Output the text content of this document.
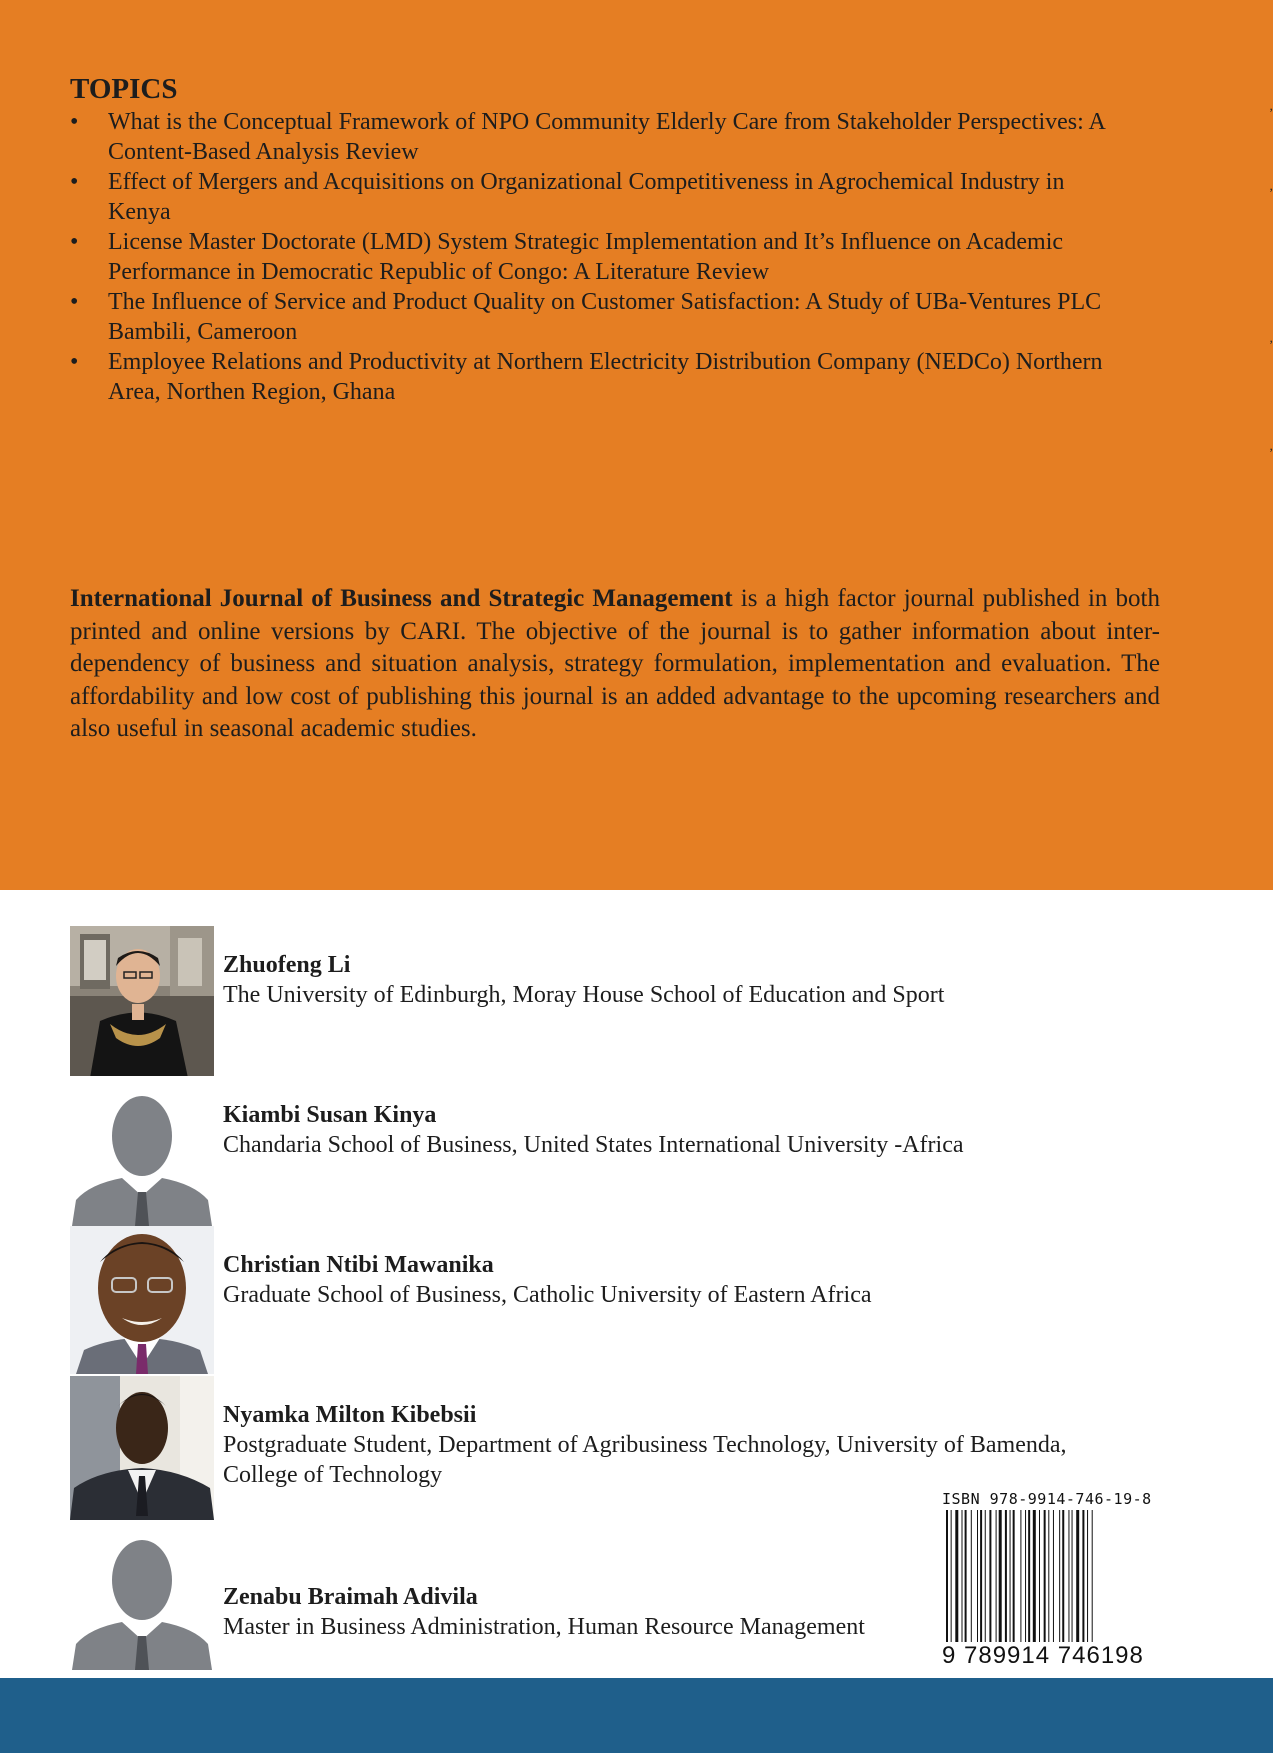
TOPICS
• What is the Conceptual Framework of NPO Community Elderly Care from Stakeholder Perspectives: A
Content-Based Analysis Review
• Effect of Mergers and Acquisitions on Organizational Competitiveness in Agrochemical Industry in
Kenya
• License Master Doctorate (LMD) System Strategic Implementation and It’s Influence on Academic
Performance in Democratic Republic of Congo: A Literature Review
• The Influence of Service and Product Quality on Customer Satisfaction: A Study of UBa-Ventures PLC
Bambili, Cameroon
• Employee Relations and Productivity at Northern Electricity Distribution Company (NEDCo) Northern
Area, Northen Region, Ghana
,
,
,
,

International Journal of Business and Strategic Management is a high factor journal published in both printed and online versions by CARI. The objective of the journal is to gather information about inter-dependency of business and situation analysis, strategy formulation, implementation and evaluation. The affordability and low cost of publishing this journal is an added advantage to the upcoming researchers and also useful in seasonal academic studies.

Zhuofeng Li
The University of Edinburgh, Moray House School of Education and Sport
Kiambi Susan Kinya
Chandaria School of Business, United States International University -Africa
Christian Ntibi Mawanika
Graduate School of Business, Catholic University of Eastern Africa
Nyamka Milton Kibebsii
Postgraduate Student, Department of Agribusiness Technology, University of Bamenda,
College of Technology
Zenabu Braimah Adivila
Master in Business Administration, Human Resource Management
ISBN 978-9914-746-19-8
9 789914 746198
